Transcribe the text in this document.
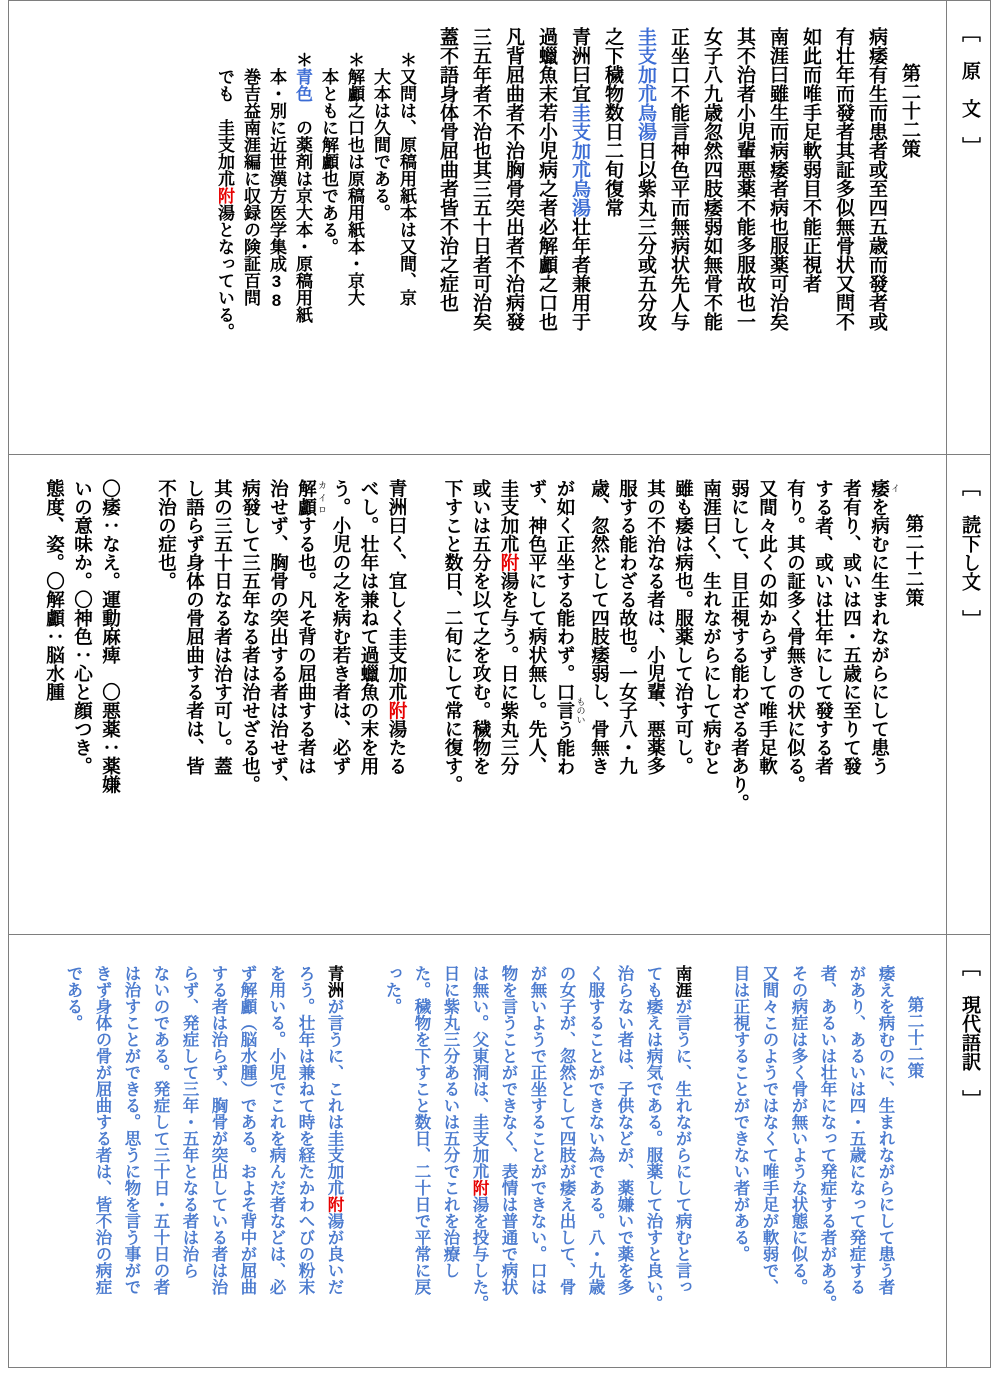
第二十二策
病痿有生而患者或至四五歳而發者或
有壮年而發者其証多似無骨状又問不
如此而唯手足軟弱目不能正視者
南涯曰雖生而病痿者病也服薬可治矣
其不治者小児輩悪薬不能多服故也一
女子八九歳忽然四肢痿弱如無骨不能
正坐口不能言神色平而無病状先人与
圭支加朮烏湯日以紫丸三分或五分攻
之下穢物数日二旬復常
青洲曰宜圭支加朮烏湯壮年者兼用于
過蠟魚末若小児病之者必解顱之口也
凡背屈曲者不治胸骨突出者不治病發
三五年者不治也其三五十日者可治矣
蓋不語身体骨屈曲者皆不治之症也
＊又問は、原稿用紙本は又間、京
大本は久間である。
＊解顱之口也は原稿用紙本・京大
本ともに解顱也である。
＊青色　の薬剤は京大本・原稿用紙
本・別に近世漢方医学集成38
巻吉益南涯編に収録の険証百問
でも　圭支加朮附湯となっている。
［　原　文　］
第二十二策
痿 イを病むに生まれながらにして患う
者有り、或いは四・五歳に至りて發
する者、或いは壮年にして發する者
有り。其の証多く骨無きの状に似る。
又間々此くの如からずして唯手足軟
弱にして、目正視する能わざる者あり。
南涯曰く、生れながらにして病むと
雖も痿は病也。服薬して治す可し。
其の不治なる者は、小児輩、悪薬多
服する能わざる故也。一女子八・九
歳、忽然として四肢痿弱し、骨無き
が如く正坐する能わず。口言 ものいう能わ
ず、神色平にして病状無し。先人、
圭支加朮附湯を与う。日に紫丸三分
或いは五分を以て之を攻む。穢物を
下すこと数日、二旬にして常に復す。

青洲曰く、宜しく圭支加朮附湯たる
べし。壮年は兼ねて過蠟魚の末を用
う。小児の之を病む若き者は、必ず
解顱 カイロする也。凡そ背の屈曲する者は
治せず、胸骨の突出する者は治せず、
病發して三五年なる者は治せざる也。
其の三五十日なる者は治す可し。蓋
し語らず身体の骨屈曲する者は、皆
不治の症也。

〇痿：なえ。運動麻痺　〇悪薬：薬嫌
いの意味か。〇神色：心と顔つき。
態度、姿。〇解顱：脳水腫	［　読下し文　］
第二十二策
痿えを病むのに、生まれながらにして患う者
があり、あるいは四・五歳になって発症する
者、あるいは壮年になって発症する者がある。
その病症は多く骨が無いような状態に似る。
又間々このようではなくて唯手足が軟弱で、
目は正視することができない者がある。

南涯が言うに、生れながらにして病むと言っ
ても痿えは病気である。服薬して治すと良い。
治らない者は、子供などが、薬嫌いで薬を多
く服することができない為である。八・九歳
の女子が、忽然として四肢が痿え出して、骨
が無いようで正坐することができない。口は
物を言うことができなく、表情は普通で病状
は無い。父東洞は、圭支加朮附湯を投与した。
日に紫丸三分あるいは五分でこれを治療し
た。穢物を下すこと数日、二十日で平常に戻
った。

青洲が言うに、これは圭支加朮附湯が良いだ
ろう。壮年は兼ねて時を経たかわへびの粉末
を用いる。小児でこれを病んだ者などは、必
ず解顱（脳水腫）である。およそ背中が屈曲
する者は治らず、胸骨が突出している者は治
らず、発症して三年・五年となる者は治ら
ないのである。発症して三十日・五十日の者
は治すことができる。思うに物を言う事がで
きず身体の骨が屈曲する者は、皆不治の病症
である。	［　現代語訳　］
